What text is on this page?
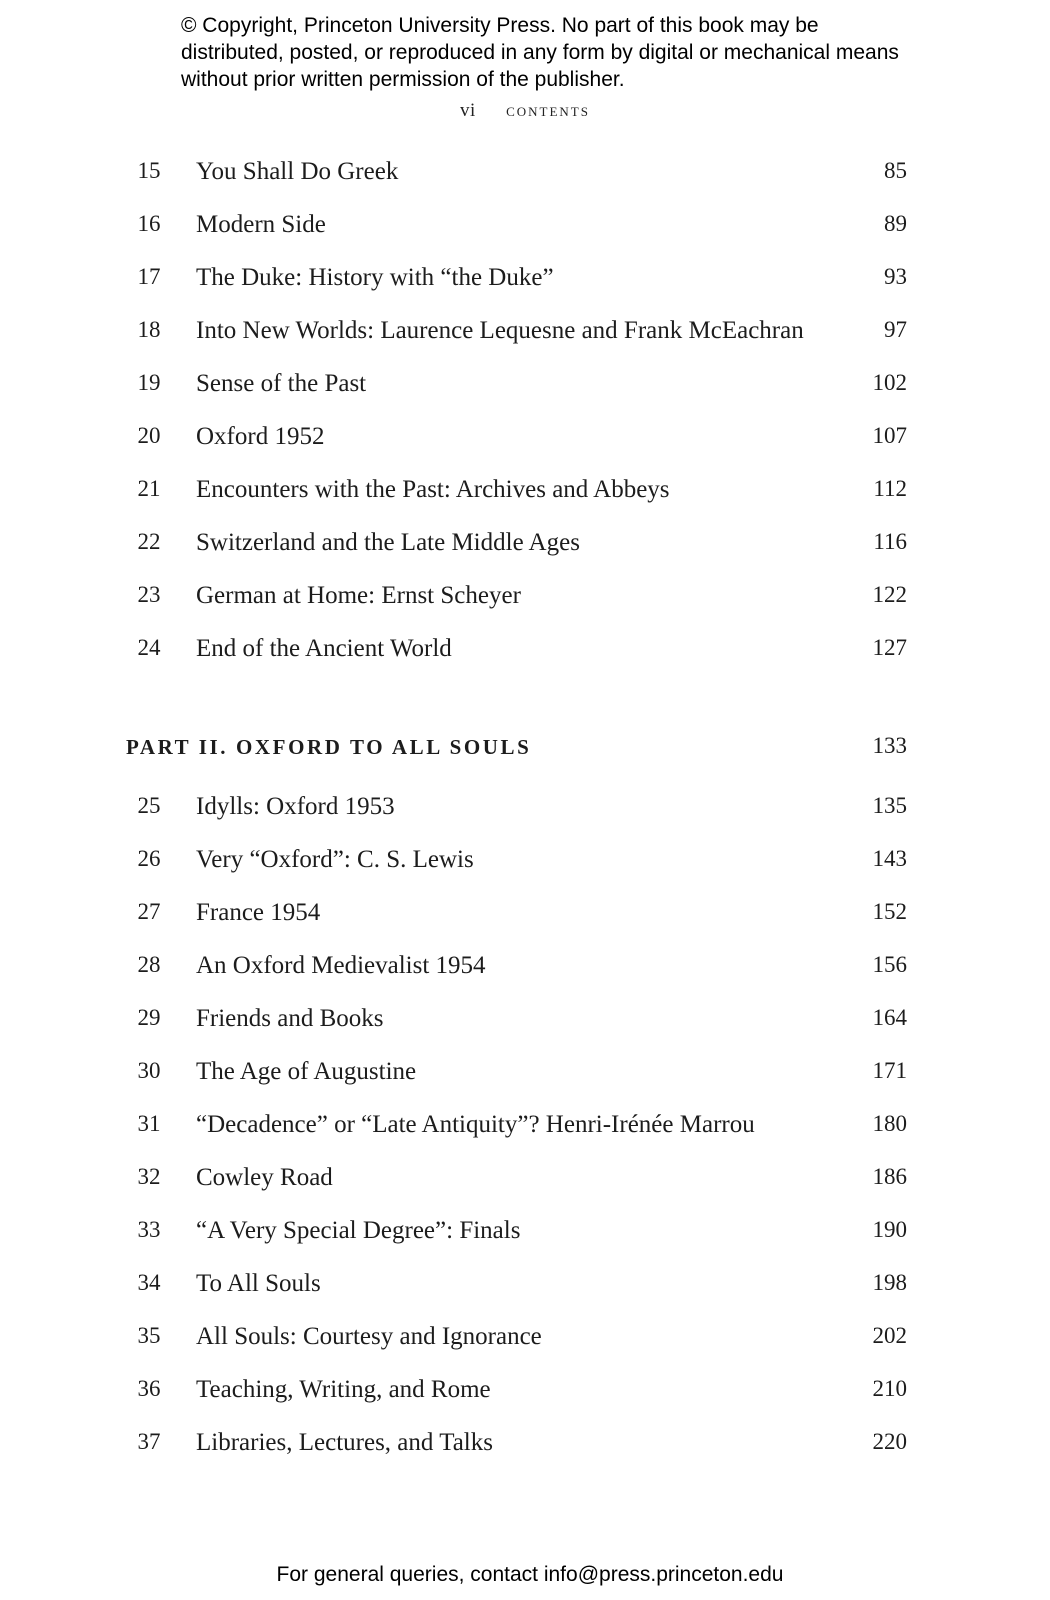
© Copyright, Princeton University Press. No part of this book may be distributed, posted, or reproduced in any form by digital or mechanical means without prior written permission of the publisher.
vi contents
15	You Shall Do Greek	85
16	Modern Side	89
17	The Duke: History with “the Duke”	93
18	Into New Worlds: Laurence Lequesne and Frank McEachran	97
19	Sense of the Past	102
20	Oxford 1952	107
21	Encounters with the Past: Archives and Abbeys	112
22	Switzerland and the Late Middle Ages	116
23	German at Home: Ernst Scheyer	122
24	End of the Ancient World	127
PART II. OXFORD TO ALL SOULS	133
25	Idylls: Oxford 1953	135
26	Very “Oxford”: C. S. Lewis	143
27	France 1954	152
28	An Oxford Medievalist 1954	156
29	Friends and Books	164
30	The Age of Augustine	171
31	“Decadence” or “Late Antiquity”? Henri-Irénée Marrou	180
32	Cowley Road	186
33	“A Very Special Degree”: Finals	190
34	To All Souls	198
35	All Souls: Courtesy and Ignorance	202
36	Teaching, Writing, and Rome	210
37	Libraries, Lectures, and Talks	220
For general queries, contact info@press.princeton.edu
